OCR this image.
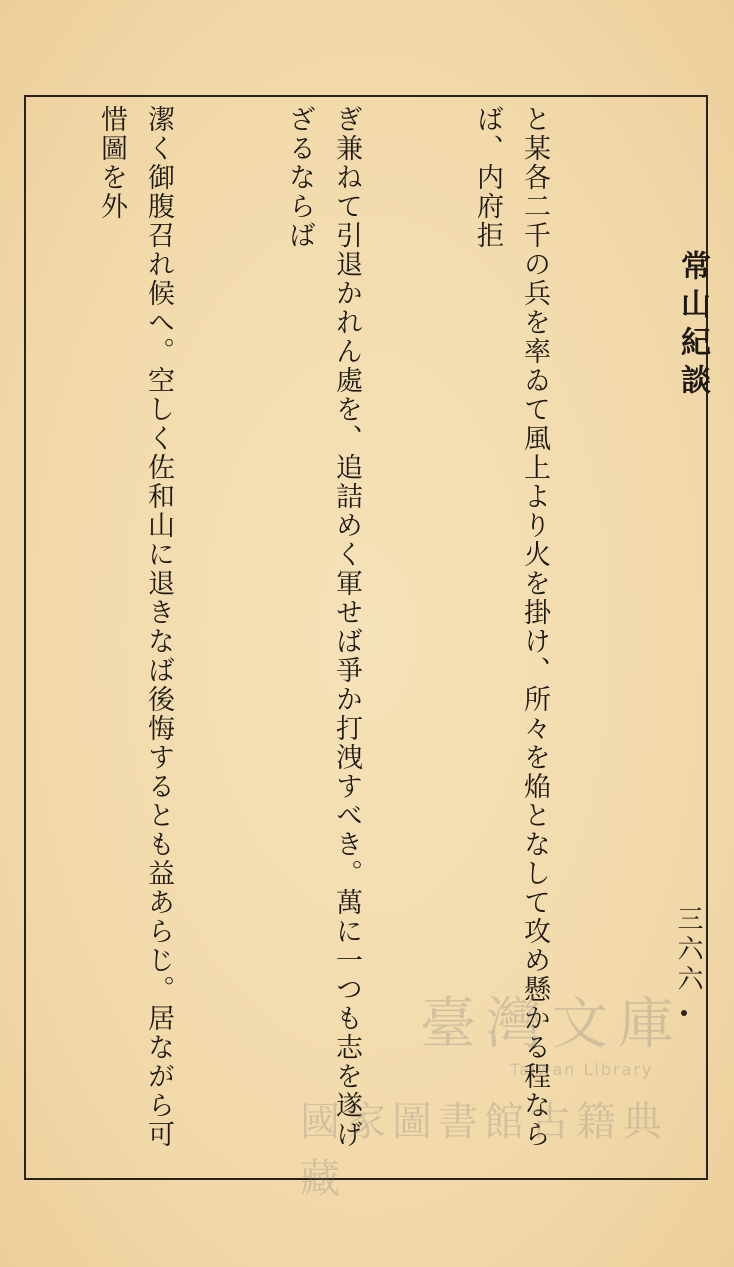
常山紀談
三六六

と某各二千の兵を率ゐて風上より火を掛け、所々を焔となして攻め懸かる程ならば、内府拒

ぎ兼ねて引退かれん處を、追詰めく軍せば爭か打洩すべき。萬に一つも志を遂げざるならば

潔く御腹召れ候へ。空しく佐和山に退きなば後悔するとも益あらじ。居ながら可惜圖を外

臺灣文庫
Taiwan Library
國家圖書館古籍典藏
